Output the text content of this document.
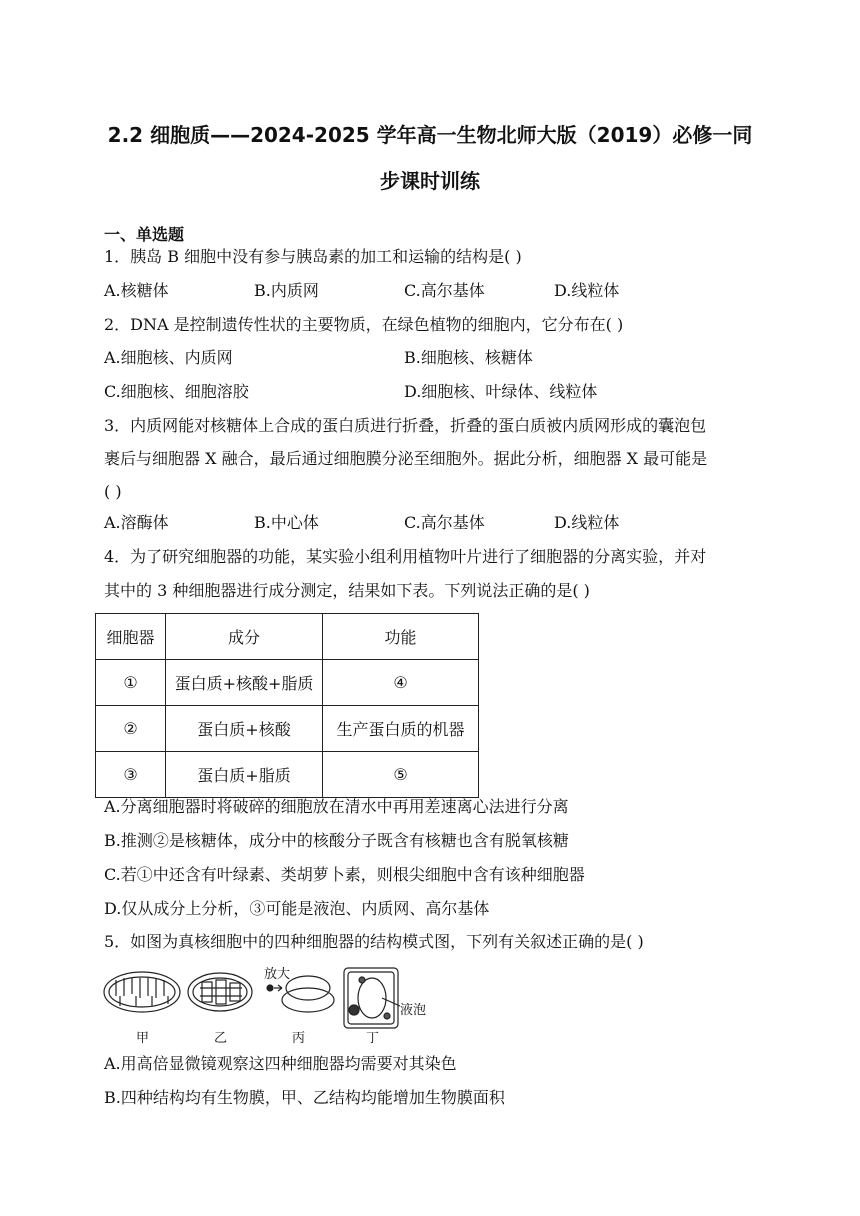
2.2 细胞质——2024-2025 学年高一生物北师大版（2019）必修一同
步课时训练
一、单选题
1．胰岛 B 细胞中没有参与胰岛素的加工和运输的结构是( )
A.核糖体	B.内质网	C.高尔基体	D.线粒体
2．DNA 是控制遗传性状的主要物质，在绿色植物的细胞内，它分布在( )
A.细胞核、内质网	B.细胞核、核糖体
C.细胞核、细胞溶胶	D.细胞核、叶绿体、线粒体
3．内质网能对核糖体上合成的蛋白质进行折叠，折叠的蛋白质被内质网形成的囊泡包
裹后与细胞器 X 融合，最后通过细胞膜分泌至细胞外。据此分析，细胞器 X 最可能是
( )
A.溶酶体	B.中心体	C.高尔基体	D.线粒体
4．为了研究细胞器的功能，某实验小组利用植物叶片进行了细胞器的分离实验，并对
其中的 3 种细胞器进行成分测定，结果如下表。下列说法正确的是( )
细胞器	成分	功能
①	蛋白质+核酸+脂质	④
②	蛋白质+核酸	生产蛋白质的机器
③	蛋白质+脂质	⑤
A.分离细胞器时将破碎的细胞放在清水中再用差速离心法进行分离
B.推测②是核糖体，成分中的核酸分子既含有核糖也含有脱氧核糖
C.若①中还含有叶绿素、类胡萝卜素，则根尖细胞中含有该种细胞器
D.仅从成分上分析，③可能是液泡、内质网、高尔基体
5．如图为真核细胞中的四种细胞器的结构模式图，下列有关叙述正确的是( )
放大
液泡
甲	乙	丙	丁
A.用高倍显微镜观察这四种细胞器均需要对其染色
B.四种结构均有生物膜，甲、乙结构均能增加生物膜面积
